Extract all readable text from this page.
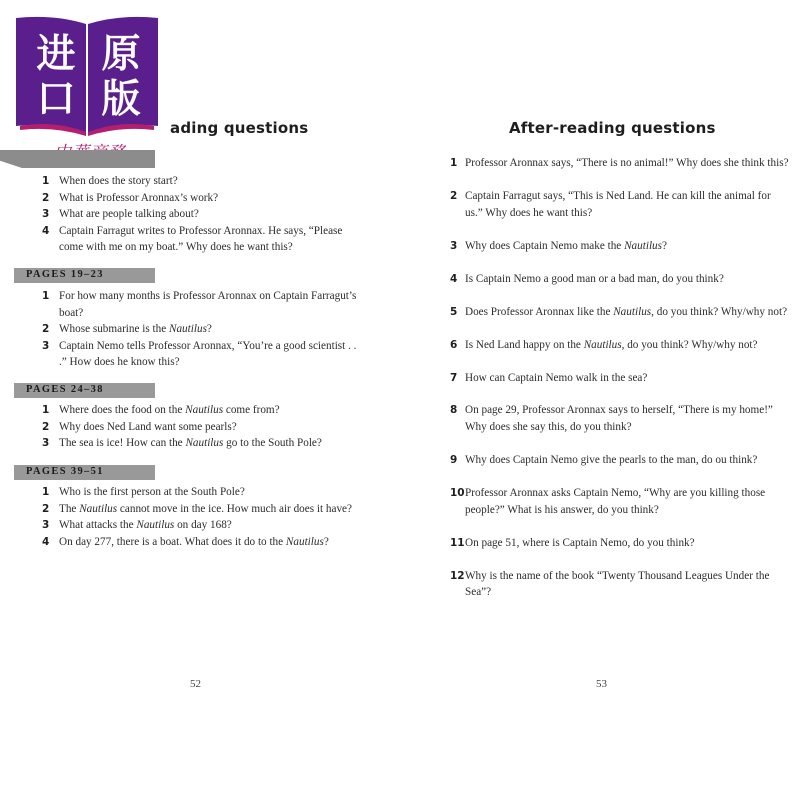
进
口
原
版
ading questions
1 When does the story start?
2 What is Professor Aronnax’s work?
3 What are people talking about?
4 Captain Farragut writes to Professor Aronnax. He says, “Please come with me on my boat.” Why does he want this?
PAGES 19–23
1 For how many months is Professor Aronnax on Captain Farragut’s boat?
2 Whose submarine is the Nautilus?
3 Captain Nemo tells Professor Aronnax, “You’re a good scientist . . .” How does he know this?
PAGES 24–38
1 Where does the food on the Nautilus come from?
2 Why does Ned Land want some pearls?
3 The sea is ice! How can the Nautilus go to the South Pole?
PAGES 39–51
1 Who is the first person at the South Pole?
2 The Nautilus cannot move in the ice. How much air does it have?
3 What attacks the Nautilus on day 168?
4 On day 277, there is a boat. What does it do to the Nautilus?
52
After-reading questions
1 Professor Aronnax says, “There is no animal!” Why does she think this?
2 Captain Farragut says, “This is Ned Land. He can kill the animal for us.” Why does he want this?
3 Why does Captain Nemo make the Nautilus?
4 Is Captain Nemo a good man or a bad man, do you think?
5 Does Professor Aronnax like the Nautilus, do you think? Why/why not?
6 Is Ned Land happy on the Nautilus, do you think? Why/why not?
7 How can Captain Nemo walk in the sea?
8 On page 29, Professor Aronnax says to herself, “There is my home!” Why does she say this, do you think?
9 Why does Captain Nemo give the pearls to the man, do ou think?
10 Professor Aronnax asks Captain Nemo, “Why are you killing those people?” What is his answer, do you think?
11 On page 51, where is Captain Nemo, do you think?
12 Why is the name of the book “Twenty Thousand Leagues Under the Sea”?
53
